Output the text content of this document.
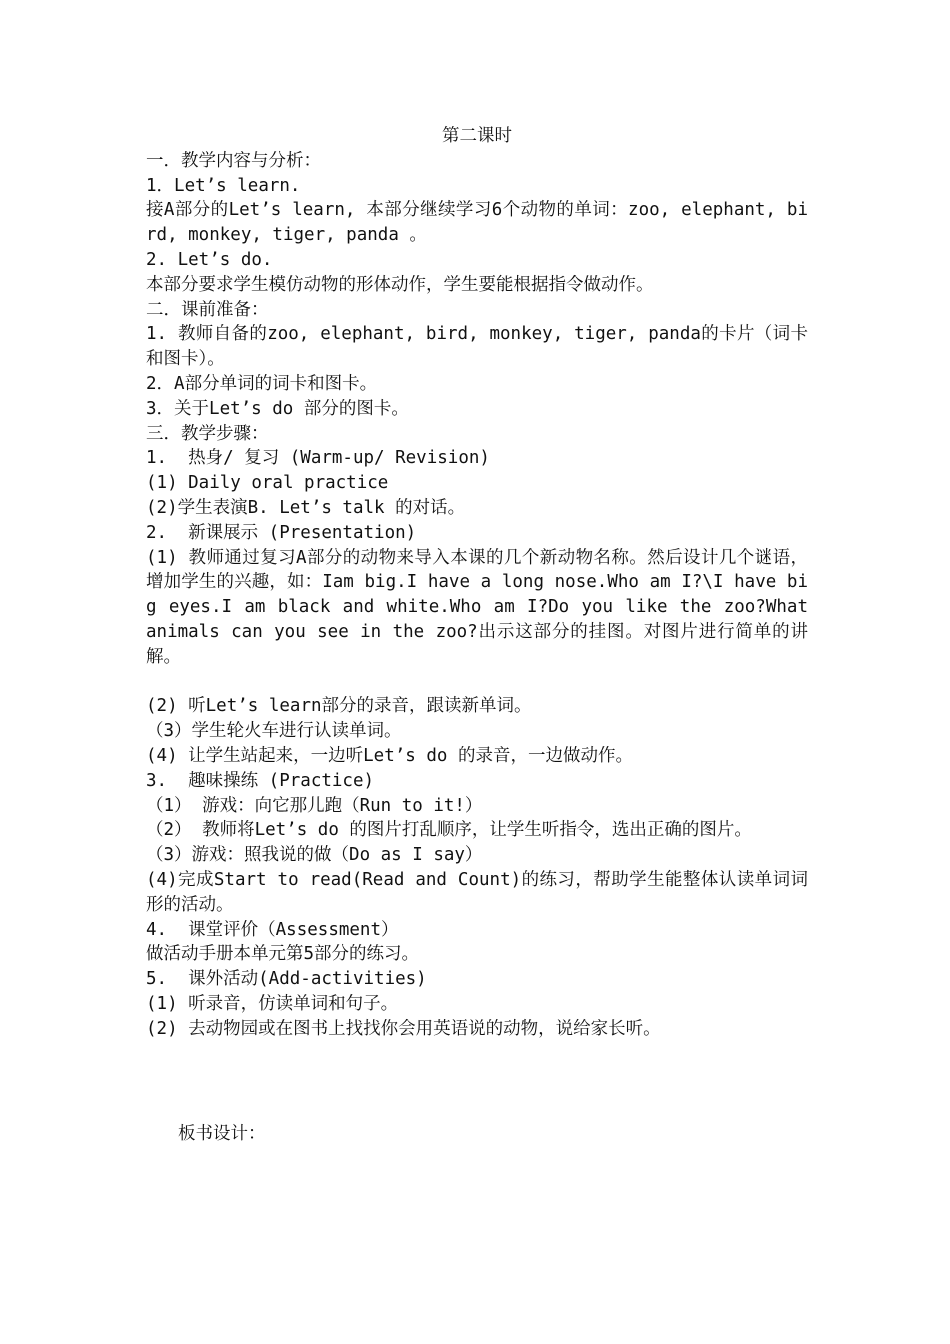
第二课时

一．教学内容与分析：

1．Let’s learn.

接A部分的Let’s learn, 本部分继续学习6个动物的单词：zoo, elephant, bird, monkey, tiger, panda 。

2. Let’s do.

本部分要求学生模仿动物的形体动作，学生要能根据指令做动作。

二．课前准备：

1. 教师自备的zoo, elephant, bird, monkey, tiger, panda的卡片（词卡和图卡）。

2．A部分单词的词卡和图卡。

3．关于Let’s do 部分的图卡。

三．教学步骤：

1.  热身/ 复习 (Warm-up/ Revision)

(1) Daily oral practice

(2)学生表演B. Let’s talk 的对话。

2.  新课展示 (Presentation)

(1) 教师通过复习A部分的动物来导入本课的几个新动物名称。然后设计几个谜语，增加学生的兴趣，如：Iam big.I have a long nose.Who am I?\I have big eyes.I am black and white.Who am I?Do you like the zoo?What animals can you see in the zoo?出示这部分的挂图。对图片进行简单的讲解。

(2) 听Let’s learn部分的录音，跟读新单词。

（3）学生轮火车进行认读单词。

(4) 让学生站起来，一边听Let’s do 的录音，一边做动作。

3.  趣味操练 (Practice)

（1） 游戏：向它那儿跑（Run to it!）

（2） 教师将Let’s do 的图片打乱顺序，让学生听指令，选出正确的图片。

（3）游戏：照我说的做（Do as I say）

(4)完成Start to read(Read and Count)的练习，帮助学生能整体认读单词词形的活动。

4.  课堂评价（Assessment）

做活动手册本单元第5部分的练习。

5.  课外活动(Add-activities)

(1) 听录音，仿读单词和句子。

(2) 去动物园或在图书上找找你会用英语说的动物，说给家长听。

板书设计：
